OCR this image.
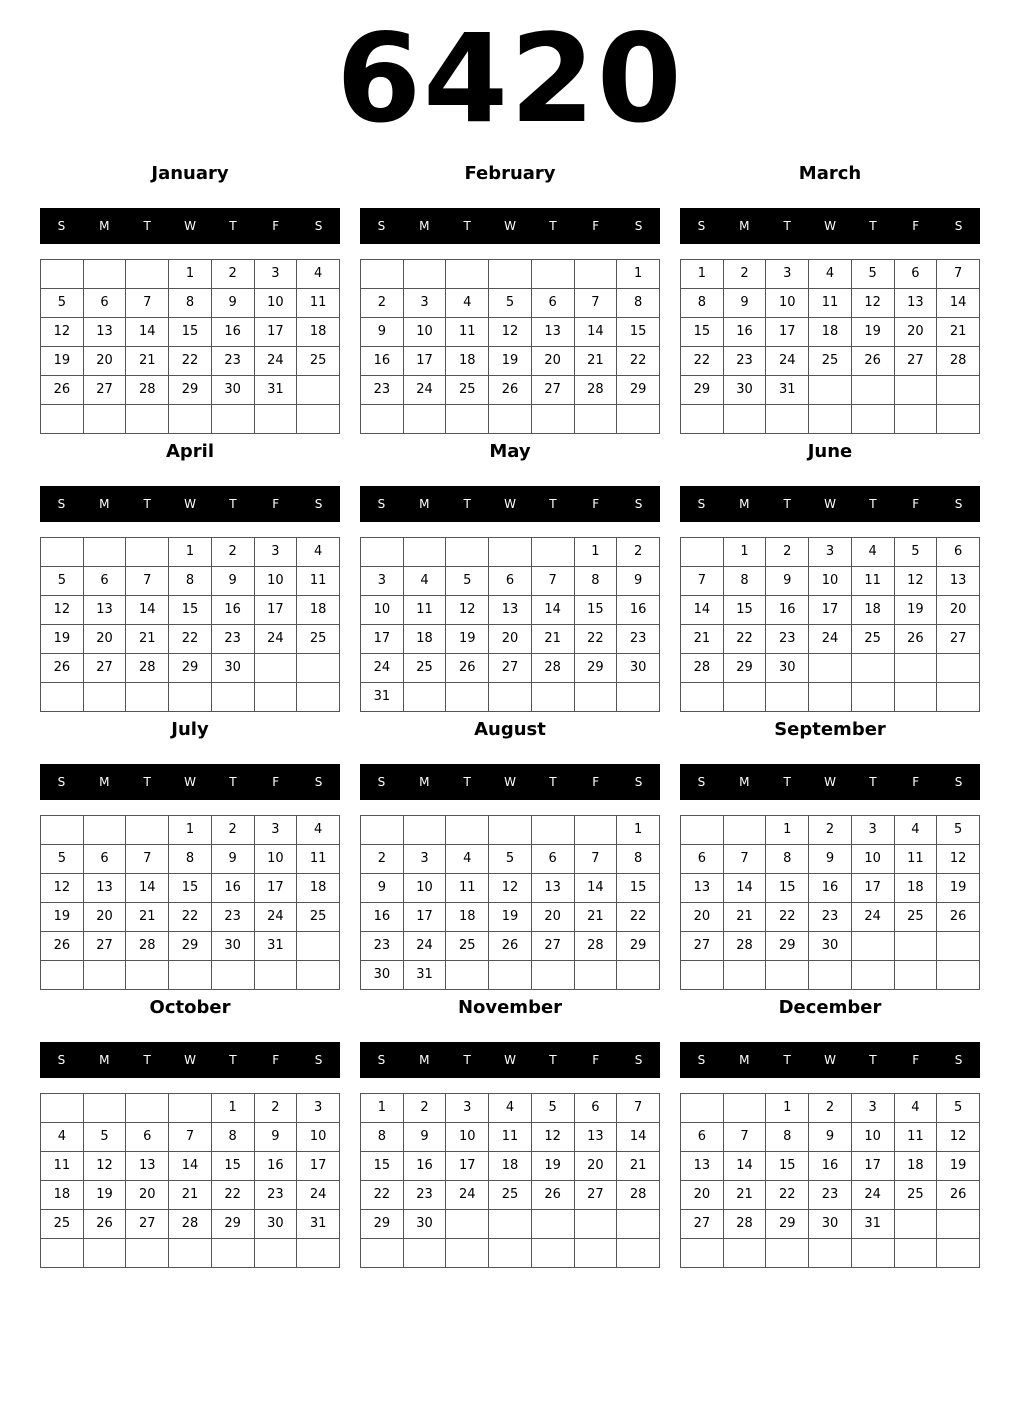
6420
January
S	M	T	W	T	F	S
			1	2	3	4
5	6	7	8	9	10	11
12	13	14	15	16	17	18
19	20	21	22	23	24	25
26	27	28	29	30	31	

February
S	M	T	W	T	F	S
						1
2	3	4	5	6	7	8
9	10	11	12	13	14	15
16	17	18	19	20	21	22
23	24	25	26	27	28	29

March
S	M	T	W	T	F	S
1	2	3	4	5	6	7
8	9	10	11	12	13	14
15	16	17	18	19	20	21
22	23	24	25	26	27	28
29	30	31				

April
S	M	T	W	T	F	S
			1	2	3	4
5	6	7	8	9	10	11
12	13	14	15	16	17	18
19	20	21	22	23	24	25
26	27	28	29	30		

May
S	M	T	W	T	F	S
					1	2
3	4	5	6	7	8	9
10	11	12	13	14	15	16
17	18	19	20	21	22	23
24	25	26	27	28	29	30
31						
June
S	M	T	W	T	F	S
	1	2	3	4	5	6
7	8	9	10	11	12	13
14	15	16	17	18	19	20
21	22	23	24	25	26	27
28	29	30				

July
S	M	T	W	T	F	S
			1	2	3	4
5	6	7	8	9	10	11
12	13	14	15	16	17	18
19	20	21	22	23	24	25
26	27	28	29	30	31	

August
S	M	T	W	T	F	S
						1
2	3	4	5	6	7	8
9	10	11	12	13	14	15
16	17	18	19	20	21	22
23	24	25	26	27	28	29
30	31					
September
S	M	T	W	T	F	S
		1	2	3	4	5
6	7	8	9	10	11	12
13	14	15	16	17	18	19
20	21	22	23	24	25	26
27	28	29	30			

October
S	M	T	W	T	F	S
				1	2	3
4	5	6	7	8	9	10
11	12	13	14	15	16	17
18	19	20	21	22	23	24
25	26	27	28	29	30	31

November
S	M	T	W	T	F	S
1	2	3	4	5	6	7
8	9	10	11	12	13	14
15	16	17	18	19	20	21
22	23	24	25	26	27	28
29	30					

December
S	M	T	W	T	F	S
		1	2	3	4	5
6	7	8	9	10	11	12
13	14	15	16	17	18	19
20	21	22	23	24	25	26
27	28	29	30	31		
